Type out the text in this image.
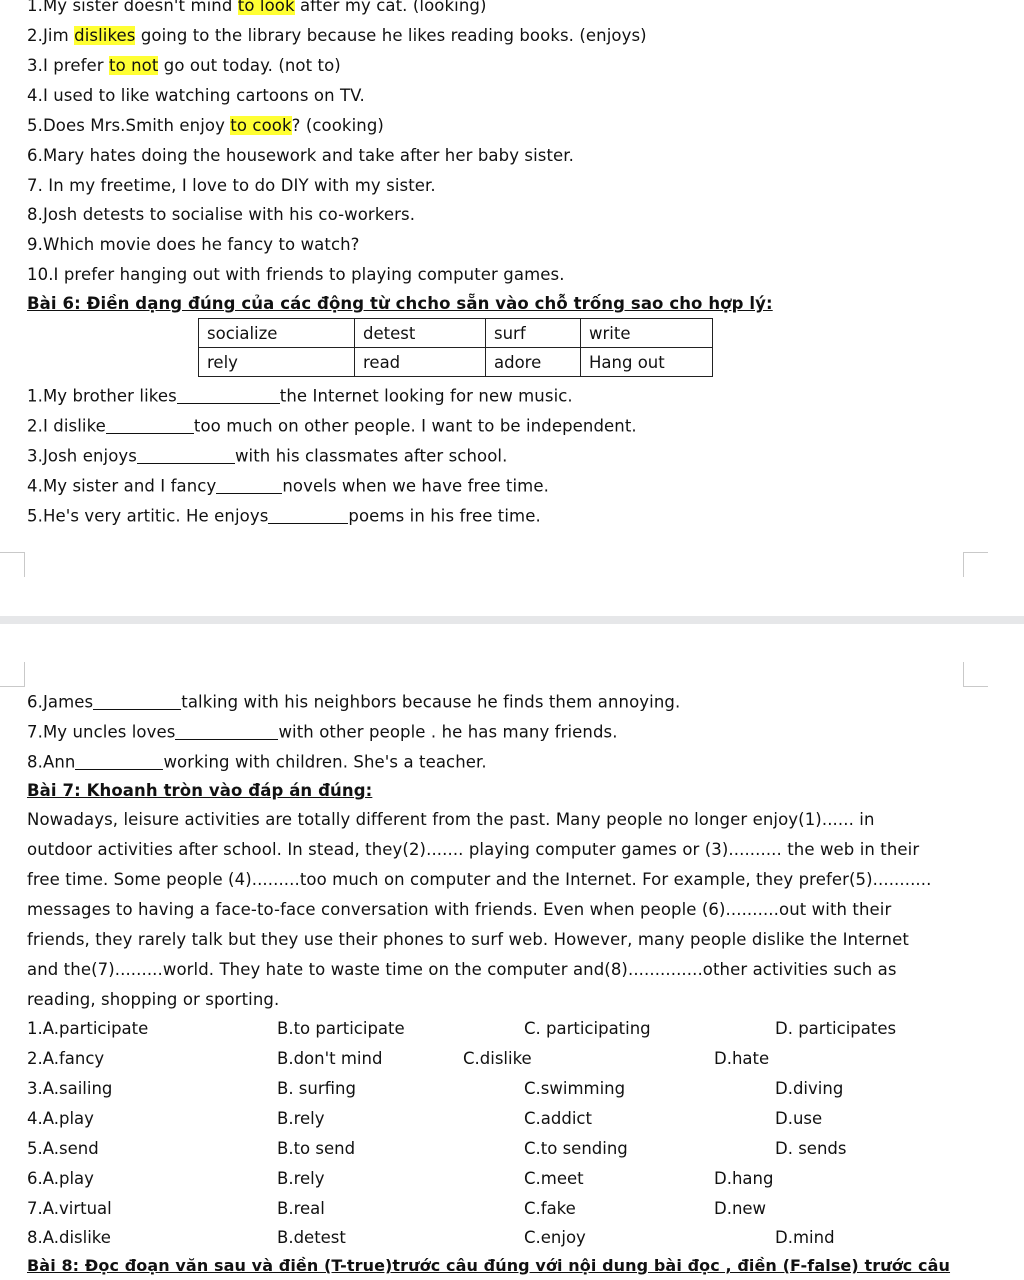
1.My sister doesn't mind to look after my cat. (looking)
2.Jim dislikes going to the library because he likes reading books. (enjoys)
3.I prefer to not go out today. (not to)
4.I used to like watching cartoons on TV.
5.Does Mrs.Smith enjoy to cook? (cooking)
6.Mary hates doing the housework and take after her baby sister.
7. In my freetime, I love to do DIY with my sister.
8.Josh detests to socialise with his co-workers.
9.Which movie does he fancy to watch?
10.I prefer hanging out with friends to playing computer games.
Bài 6: Điền dạng đúng của các động từ chcho sẵn vào chỗ trống sao cho hợp lý:
socialize	detest	surf	write
rely	read	adore	Hang out
1.My brother likes	the Internet looking for new music.
2.I dislike	too much on other people. I want to be independent.
3.Josh enjoys	with his classmates after school.
4.My sister and I fancy	novels when we have free time.
5.He's very artitic. He enjoys	poems in his free time.
6.James	talking with his neighbors because he finds them annoying.
7.My uncles loves	with other people . he has many friends.
8.Ann	working with children. She's a teacher.
Bài 7: Khoanh tròn vào đáp án đúng:
Nowadays, leisure activities are totally different from the past. Many people no longer enjoy(1)...... in
outdoor activities after school. In stead, they(2)....... playing computer games or (3).......... the web in their
free time. Some people (4).........too much on computer and the Internet. For example, they prefer(5)...........
messages to having a face-to-face conversation with friends. Even when people (6)..........out with their
friends, they rarely talk but they use their phones to surf web. However, many people dislike the Internet
and the(7).........world. They hate to waste time on the computer and(8)..............other activities such as
reading, shopping or sporting.
1.A.participate	B.to participate	C. participating	D. participates
2.A.fancy	B.don't mind	C.dislike	D.hate
3.A.sailing	B. surfing	C.swimming	D.diving
4.A.play	B.rely	C.addict	D.use
5.A.send	B.to send	C.to sending	D. sends
6.A.play	B.rely	C.meet	D.hang
7.A.virtual	B.real	C.fake	D.new
8.A.dislike	B.detest	C.enjoy	D.mind
Bài 8: Đọc đoạn văn sau và điền (T-true)trước câu đúng với nội dung bài đọc , điền (F-false) trước câu
